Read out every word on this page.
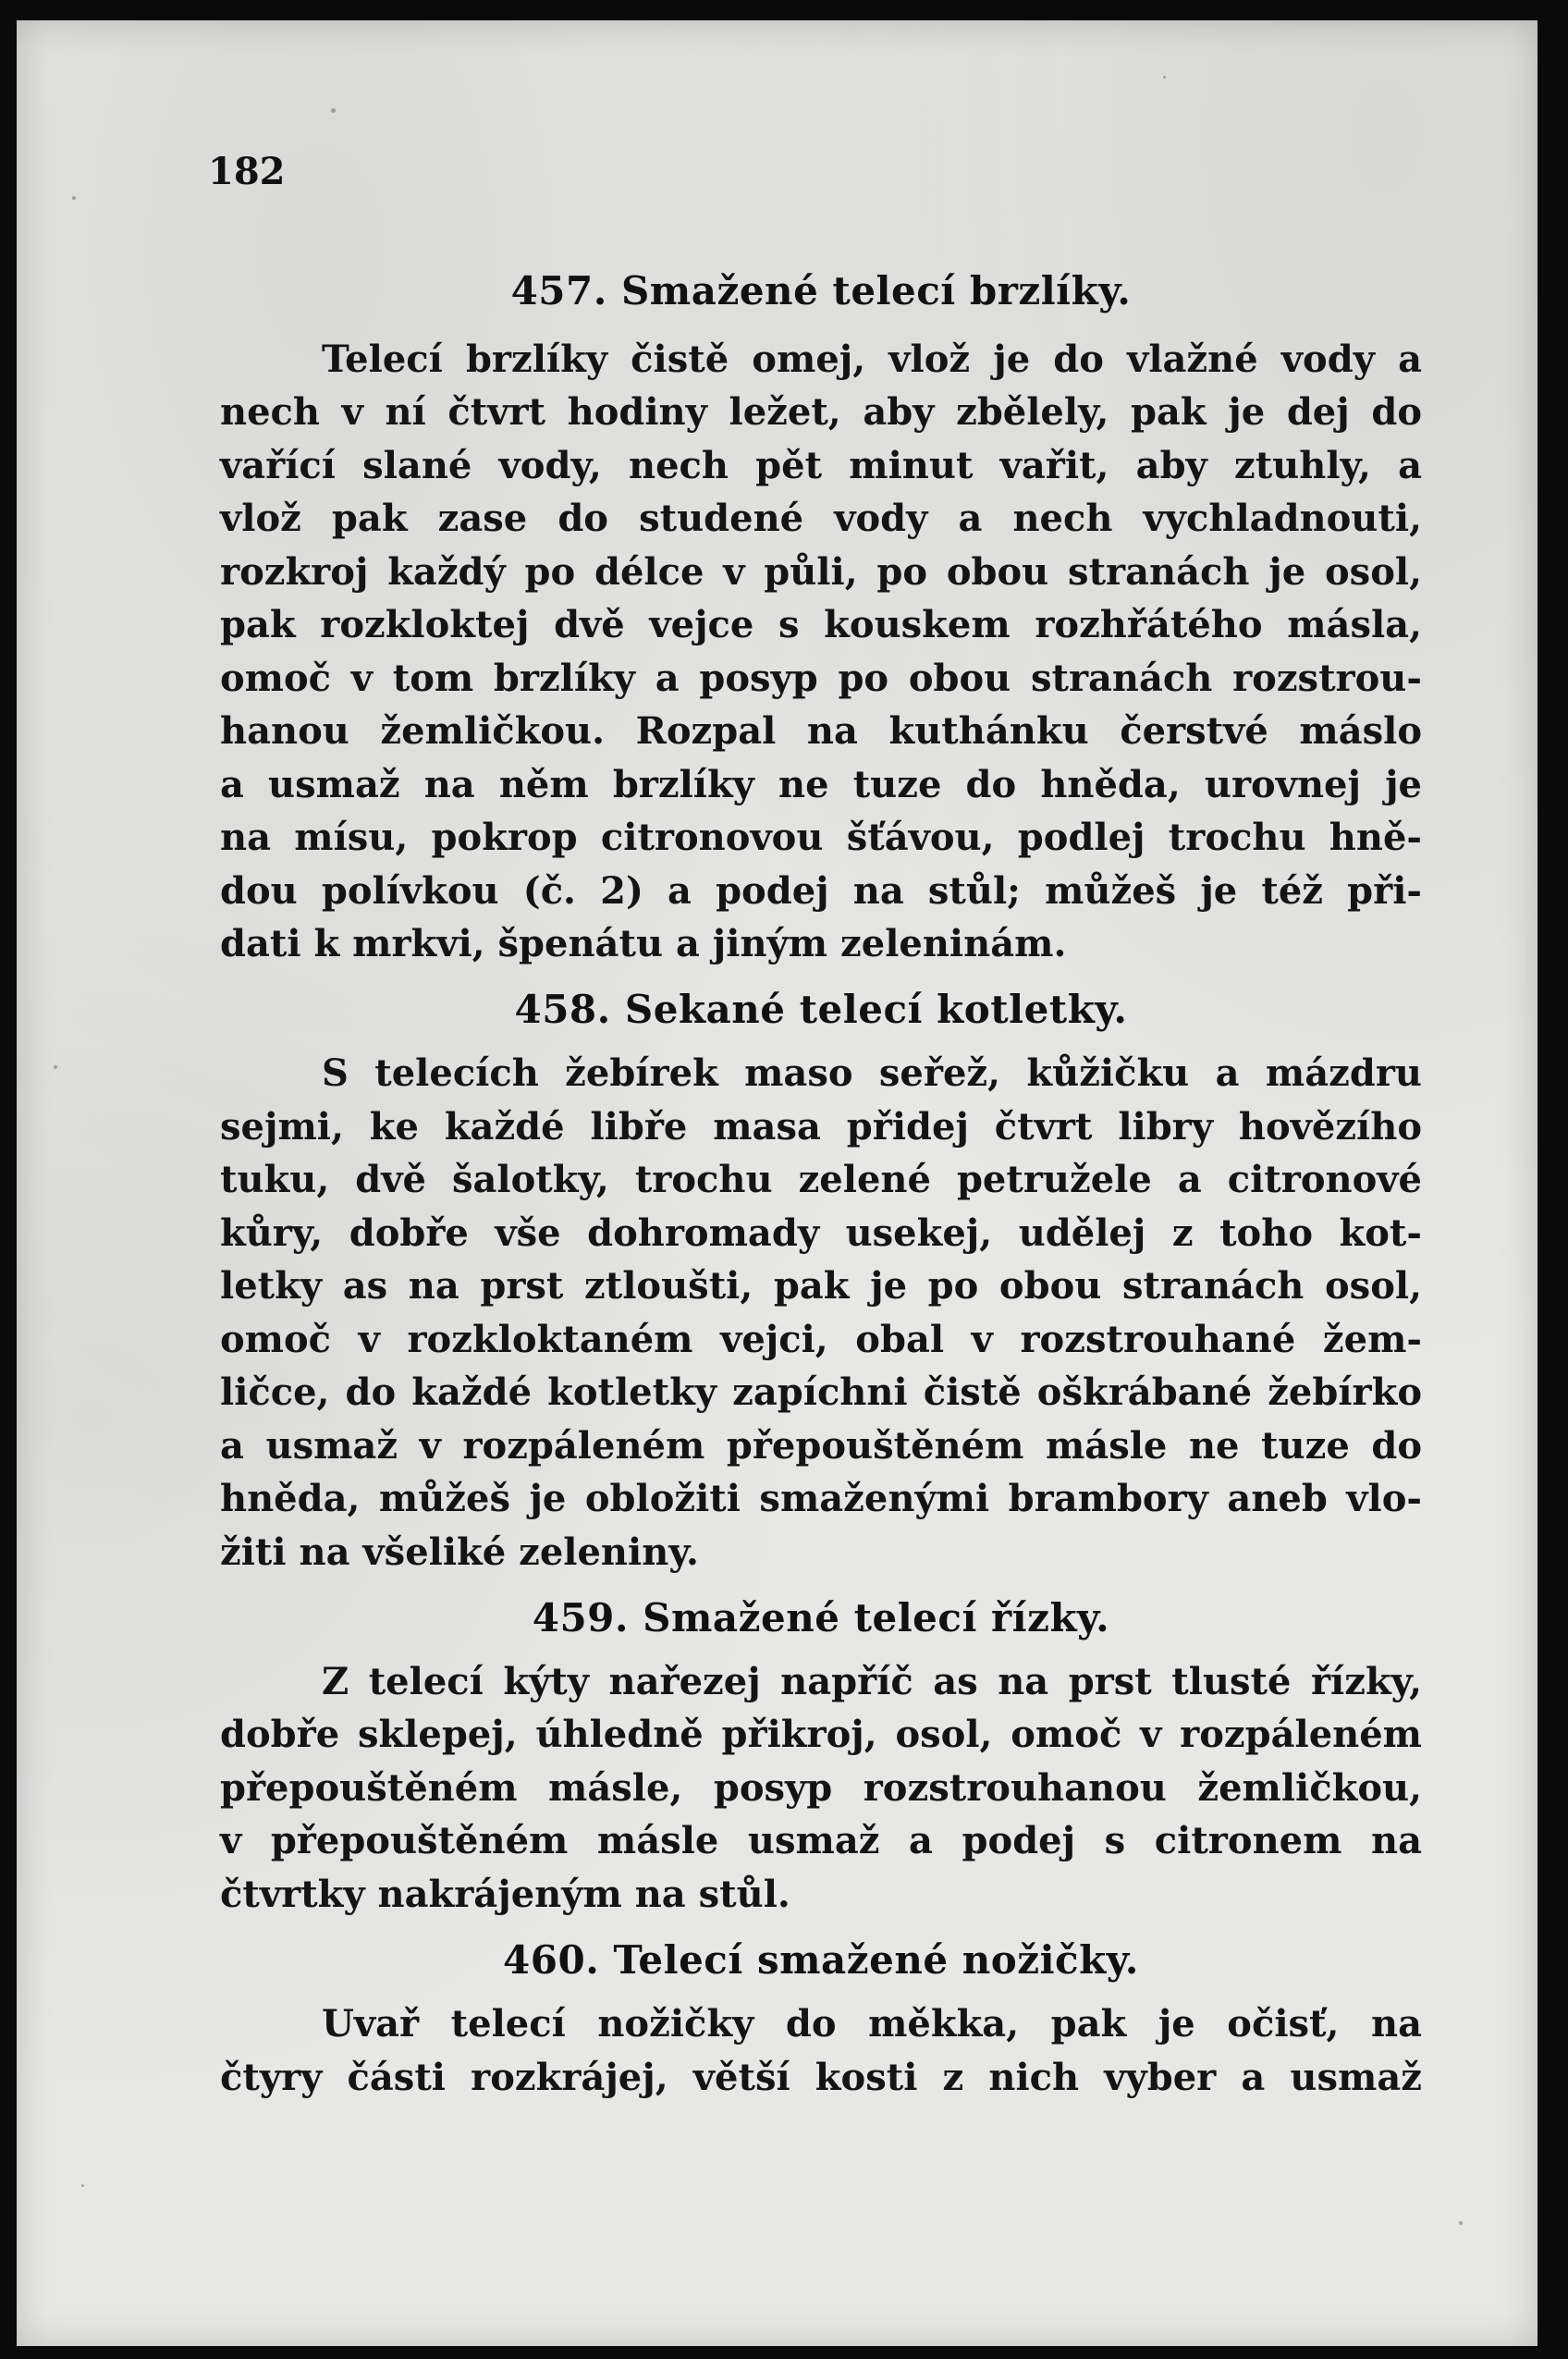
182

457. Smažené telecí brzlíky.

Telecí brzlíky čistě omej, vlož je do vlažné vody a

nech v ní čtvrt hodiny ležet, aby zbělely, pak je dej do

vařící slané vody, nech pět minut vařit, aby ztuhly, a

vlož pak zase do studené vody a nech vychladnouti,

rozkroj každý po délce v půli, po obou stranách je osol,

pak rozkloktej dvě vejce s kouskem rozhřátého másla,

omoč v tom brzlíky a posyp po obou stranách rozstrou-

hanou žemličkou. Rozpal na kuthánku čerstvé máslo

a usmaž na něm brzlíky ne tuze do hněda, urovnej je

na mísu, pokrop citronovou šťávou, podlej trochu hně-

dou polívkou (č. 2) a podej na stůl; můžeš je též při-

dati k mrkvi, špenátu a jiným zeleninám.

458. Sekané telecí kotletky.

S telecích žebírek maso seřež, kůžičku a mázdru

sejmi, ke každé libře masa přidej čtvrt libry hovězího

tuku, dvě šalotky, trochu zelené petružele a citronové

kůry, dobře vše dohromady usekej, udělej z toho kot-

letky as na prst ztloušti, pak je po obou stranách osol,

omoč v rozkloktaném vejci, obal v rozstrouhané žem-

ličce, do každé kotletky zapíchni čistě oškrábané žebírko

a usmaž v rozpáleném přepouštěném másle ne tuze do

hněda, můžeš je obložiti smaženými brambory aneb vlo-

žiti na všeliké zeleniny.

459. Smažené telecí řízky.

Z telecí kýty nařezej napříč as na prst tlusté řízky,

dobře sklepej, úhledně přikroj, osol, omoč v rozpáleném

přepouštěném másle, posyp rozstrouhanou žemličkou,

v přepouštěném másle usmaž a podej s citronem na

čtvrtky nakrájeným na stůl.

460. Telecí smažené nožičky.

Uvař telecí nožičky do měkka, pak je očisť, na

čtyry části rozkrájej, větší kosti z nich vyber a usmaž
